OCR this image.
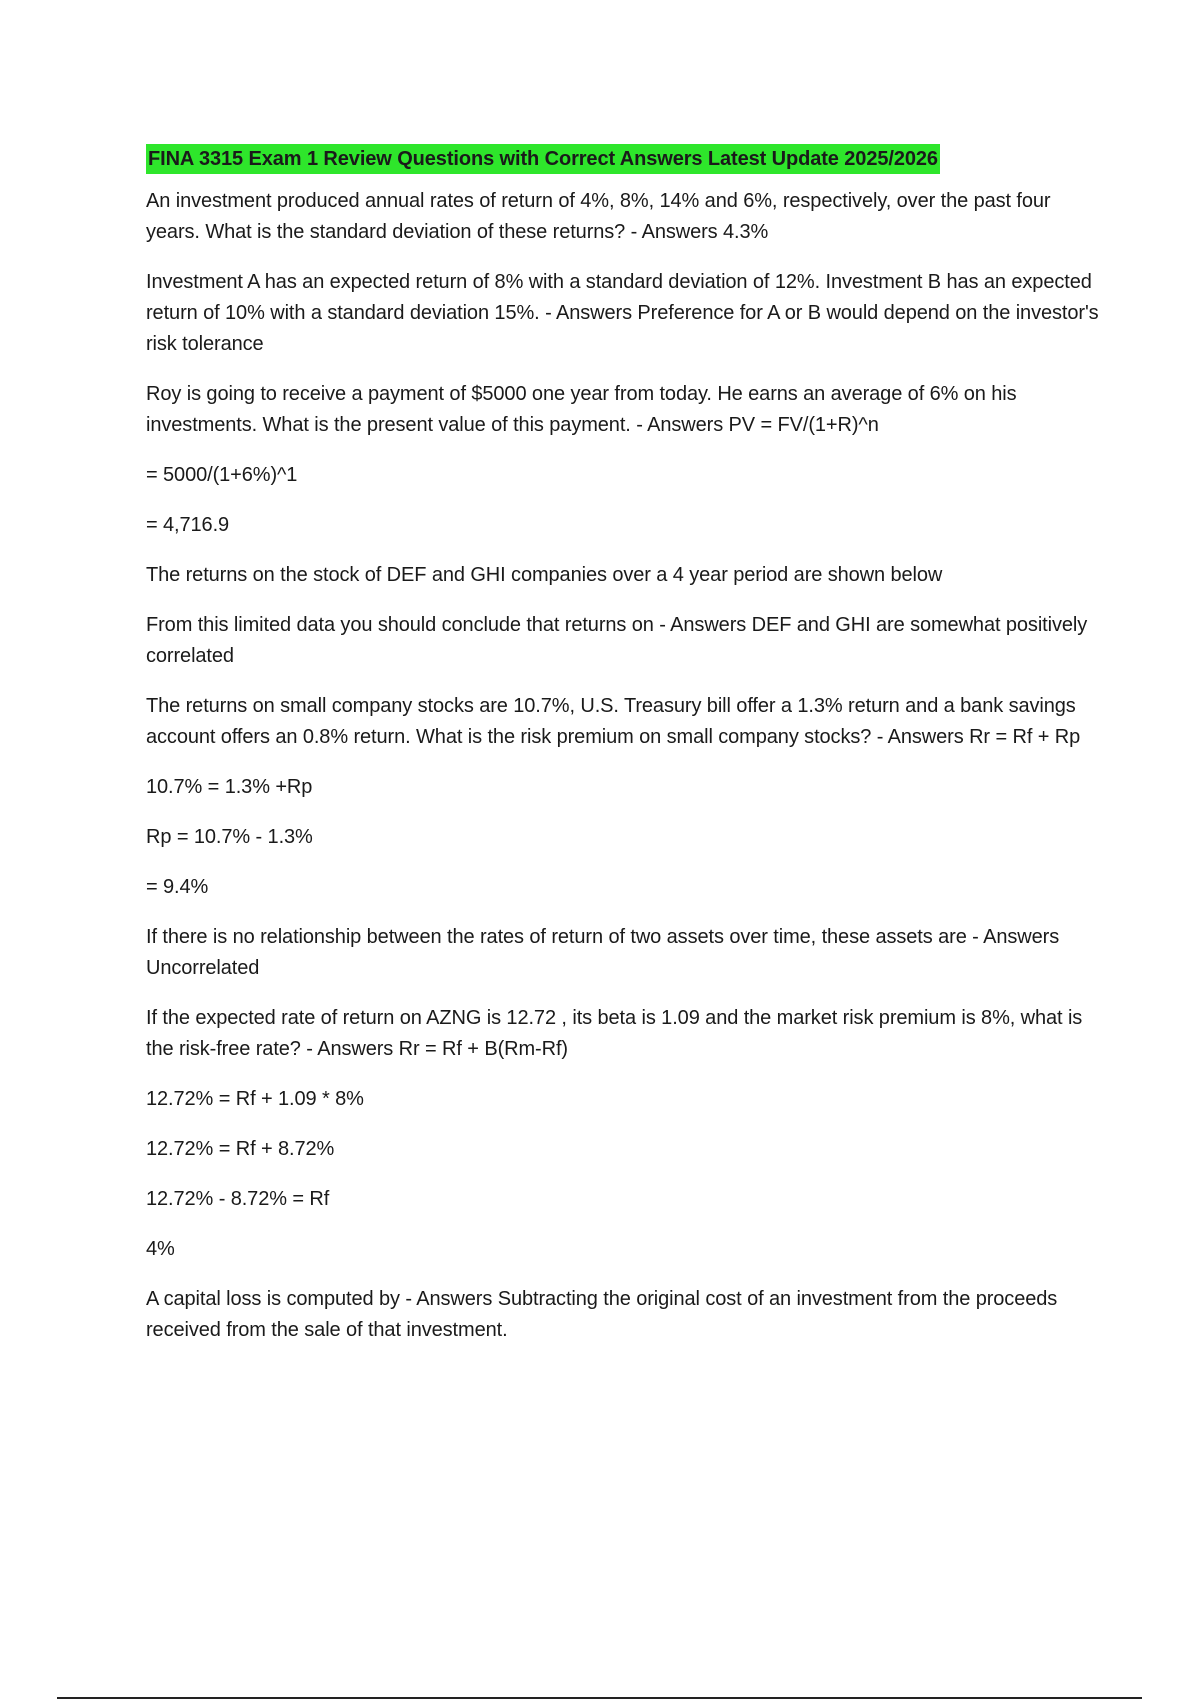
FINA 3315 Exam 1 Review Questions with Correct Answers Latest Update 2025/2026

An investment produced annual rates of return of 4%, 8%, 14% and 6%, respectively, over the past four years. What is the standard deviation of these returns? - Answers 4.3%

Investment A has an expected return of 8% with a standard deviation of 12%. Investment B has an expected return of 10% with a standard deviation 15%. - Answers Preference for A or B would depend on the investor's risk tolerance

Roy is going to receive a payment of $5000 one year from today. He earns an average of 6% on his investments. What is the present value of this payment. - Answers PV = FV/(1+R)^n

= 5000/(1+6%)^1

= 4,716.9

The returns on the stock of DEF and GHI companies over a 4 year period are shown below

From this limited data you should conclude that returns on - Answers DEF and GHI are somewhat positively correlated

The returns on small company stocks are 10.7%, U.S. Treasury bill offer a 1.3% return and a bank savings account offers an 0.8% return. What is the risk premium on small company stocks? - Answers Rr = Rf + Rp

10.7% = 1.3% +Rp

Rp = 10.7% - 1.3%

= 9.4%

If there is no relationship between the rates of return of two assets over time, these assets are - Answers Uncorrelated

If the expected rate of return on AZNG is 12.72 , its beta is 1.09 and the market risk premium is 8%, what is the risk-free rate? - Answers Rr = Rf + B(Rm-Rf)

12.72% = Rf + 1.09 * 8%

12.72% = Rf + 8.72%

12.72% - 8.72% = Rf

4%

A capital loss is computed by - Answers Subtracting the original cost of an investment from the proceeds received from the sale of that investment.
